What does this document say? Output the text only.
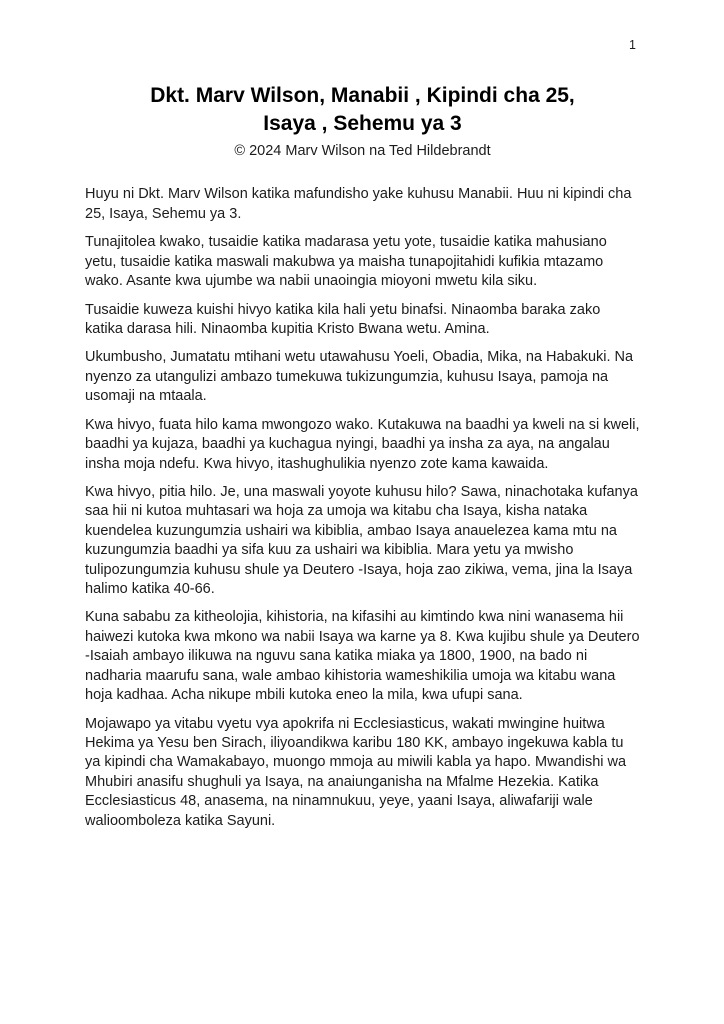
1
Dkt. Marv Wilson, Manabii , Kipindi cha 25,
Isaya , Sehemu ya 3
© 2024 Marv Wilson na Ted Hildebrandt

Huyu ni Dkt. Marv Wilson katika mafundisho yake kuhusu Manabii. Huu ni kipindi cha 25, Isaya, Sehemu ya 3.

Tunajitolea kwako, tusaidie katika madarasa yetu yote, tusaidie katika mahusiano yetu, tusaidie katika maswali makubwa ya maisha tunapojitahidi kufikia mtazamo wako. Asante kwa ujumbe wa nabii unaoingia mioyoni mwetu kila siku.

Tusaidie kuweza kuishi hivyo katika kila hali yetu binafsi. Ninaomba baraka zako katika darasa hili. Ninaomba kupitia Kristo Bwana wetu. Amina.

Ukumbusho, Jumatatu mtihani wetu utawahusu Yoeli, Obadia, Mika, na Habakuki. Na nyenzo za utangulizi ambazo tumekuwa tukizungumzia, kuhusu Isaya, pamoja na usomaji na mtaala.

Kwa hivyo, fuata hilo kama mwongozo wako. Kutakuwa na baadhi ya kweli na si kweli, baadhi ya kujaza, baadhi ya kuchagua nyingi, baadhi ya insha za aya, na angalau insha moja ndefu. Kwa hivyo, itashughulikia nyenzo zote kama kawaida.

Kwa hivyo, pitia hilo. Je, una maswali yoyote kuhusu hilo? Sawa, ninachotaka kufanya saa hii ni kutoa muhtasari wa hoja za umoja wa kitabu cha Isaya, kisha nataka kuendelea kuzungumzia ushairi wa kibiblia, ambao Isaya anauelezea kama mtu na kuzungumzia baadhi ya sifa kuu za ushairi wa kibiblia. Mara yetu ya mwisho tulipozungumzia kuhusu shule ya Deutero -Isaya, hoja zao zikiwa, vema, jina la Isaya halimo katika 40-66.

Kuna sababu za kitheolojia, kihistoria, na kifasihi au kimtindo kwa nini wanasema hii haiwezi kutoka kwa mkono wa nabii Isaya wa karne ya 8. Kwa kujibu shule ya Deutero -Isaiah ambayo ilikuwa na nguvu sana katika miaka ya 1800, 1900, na bado ni nadharia maarufu sana, wale ambao kihistoria wameshikilia umoja wa kitabu wana hoja kadhaa. Acha nikupe mbili kutoka eneo la mila, kwa ufupi sana.

Mojawapo ya vitabu vyetu vya apokrifa ni Ecclesiasticus, wakati mwingine huitwa Hekima ya Yesu ben Sirach, iliyoandikwa karibu 180 KK, ambayo ingekuwa kabla tu ya kipindi cha Wamakabayo, muongo mmoja au miwili kabla ya hapo. Mwandishi wa Mhubiri anasifu shughuli ya Isaya, na anaiunganisha na Mfalme Hezekia. Katika Ecclesiasticus 48, anasema, na ninamnukuu, yeye, yaani Isaya, aliwafariji wale walioomboleza katika Sayuni.
